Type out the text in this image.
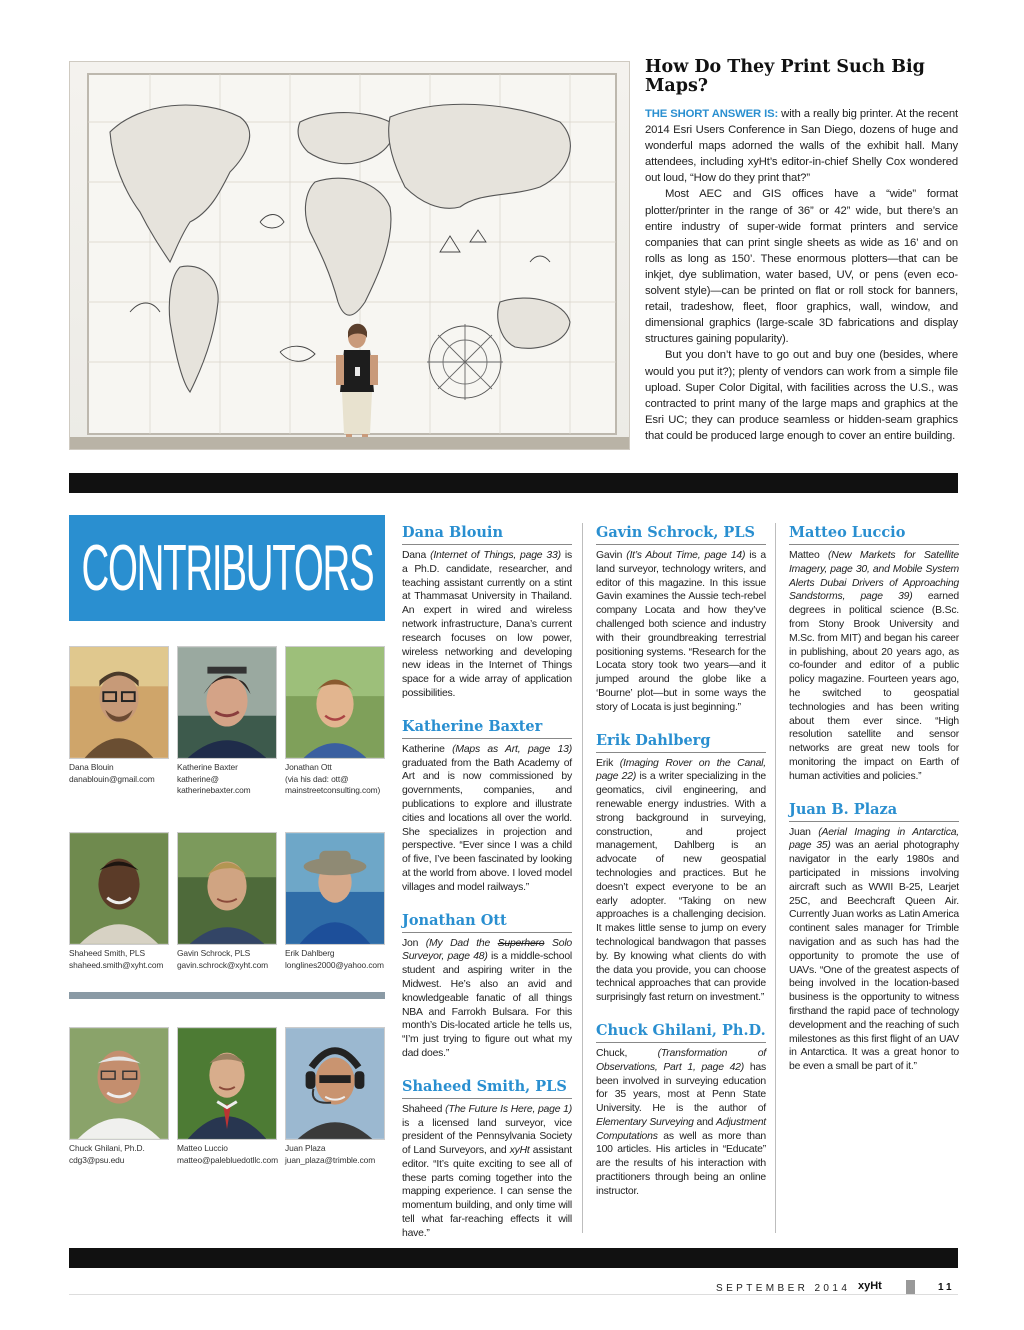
How Do They Print Such Big Maps?

THE SHORT ANSWER IS: with a really big printer. At the recent 2014 Esri Users Conference in San Diego, dozens of huge and wonderful maps adorned the walls of the exhibit hall. Many attendees, including xyHt’s editor-in-chief Shelly Cox wondered out loud, “How do they print that?”

Most AEC and GIS offices have a “wide” format plotter/printer in the range of 36” or 42” wide, but there’s an entire industry of super-wide format printers and service companies that can print single sheets as wide as 16’ and on rolls as long as 150’. These enormous plotters—that can be inkjet, dye sublimation, water based, UV, or pens (even eco-solvent style)—can be printed on flat or roll stock for banners, retail, tradeshow, fleet, floor graphics, wall, window, and dimensional graphics (large-scale 3D fabrications and display structures gaining popularity).

But you don’t have to go out and buy one (besides, where would you put it?); plenty of vendors can work from a simple file upload. Super Color Digital, with facilities across the U.S., was contracted to print many of the large maps and graphics at the Esri UC; they can produce seamless or hidden-seam graphics that could be produced large enough to cover an entire building.

CONTRIBUTORS
Dana Blouin
danablouin@gmail.com
Katherine Baxter
katherine@
katherinebaxter.com
Jonathan Ott
(via his dad: ott@
mainstreetconsulting.com)
Shaheed Smith, PLS
shaheed.smith@xyht.com
Gavin Schrock, PLS
gavin.schrock@xyht.com
Erik Dahlberg
longlines2000@yahoo.com
Chuck Ghilani, Ph.D.
cdg3@psu.edu
Matteo Luccio
matteo@palebluedotllc.com
Juan Plaza
juan_plaza@trimble.com
Dana Blouin
Dana (Internet of Things, page 33) is a Ph.D. candidate, researcher, and teaching assistant currently on a stint at Thammasat University in Thailand. An expert in wired and wireless network infrastructure, Dana’s current research focuses on low power, wireless networking and developing new ideas in the Internet of Things space for a wide array of application possibilities.
Katherine Baxter
Katherine (Maps as Art, page 13) graduated from the Bath Academy of Art and is now commissioned by governments, companies, and publications to explore and illustrate cities and locations all over the world. She specializes in projection and perspective. “Ever since I was a child of five, I’ve been fascinated by looking at the world from above. I loved model villages and model railways.”
Jonathan Ott
Jon (My Dad the Superhero Solo Surveyor, page 48) is a middle-school student and aspiring writer in the Midwest. He’s also an avid and knowledgeable fanatic of all things NBA and Farrokh Bulsara. For this month’s Dis-located article he tells us, “I’m just trying to figure out what my dad does.”
Shaheed Smith, PLS
Shaheed (The Future Is Here, page 1) is a licensed land surveyor, vice president of the Pennsylvania Society of Land Surveyors, and xyHt assistant editor. “It’s quite exciting to see all of these parts coming together into the mapping experience. I can sense the momentum building, and only time will tell what far-reaching effects it will have.”
Gavin Schrock, PLS
Gavin (It’s About Time, page 14) is a land surveyor, technology writers, and editor of this magazine. In this issue Gavin examines the Aussie tech-rebel company Locata and how they’ve challenged both science and industry with their groundbreaking terrestrial positioning systems. “Research for the Locata story took two years—and it jumped around the globe like a ‘Bourne’ plot—but in some ways the story of Locata is just beginning.”
Erik Dahlberg
Erik (Imaging Rover on the Canal, page 22) is a writer specializing in the geomatics, civil engineering, and renewable energy industries. With a strong background in surveying, construction, and project management, Dahlberg is an advocate of new geospatial technologies and practices. But he doesn’t expect everyone to be an early adopter. “Taking on new approaches is a challenging decision. It makes little sense to jump on every technological bandwagon that passes by. By knowing what clients do with the data you provide, you can choose technical approaches that can provide surprisingly fast return on investment.”
Chuck Ghilani, Ph.D.
Chuck, (Transformation of Observations, Part 1, page 42) has been involved in surveying education for 35 years, most at Penn State University. He is the author of Elementary Surveying and Adjustment Computations as well as more than 100 articles. His articles in “Educate” are the results of his interaction with practitioners through being an online instructor.
Matteo Luccio
Matteo (New Markets for Satellite Imagery, page 30, and Mobile System Alerts Dubai Drivers of Approaching Sandstorms, page 39) earned degrees in political science (B.Sc. from Stony Brook University and M.Sc. from MIT) and began his career in publishing, about 20 years ago, as co-founder and editor of a public policy magazine. Fourteen years ago, he switched to geospatial technologies and has been writing about them ever since. “High resolution satellite and sensor networks are great new tools for monitoring the impact on Earth of human activities and policies.”
Juan B. Plaza
Juan (Aerial Imaging in Antarctica, page 35) was an aerial photography navigator in the early 1980s and participated in missions involving aircraft such as WWII B-25, Learjet 25C, and Beechcraft Queen Air. Currently Juan works as Latin America continent sales manager for Trimble navigation and as such has had the opportunity to promote the use of UAVs. “One of the greatest aspects of being involved in the location-based business is the opportunity to witness firsthand the rapid pace of technology development and the reaching of such milestones as this first flight of an UAV in Antarctica. It was a great honor to be even a small be part of it.”
SEPTEMBER 2014 xyHt	11
